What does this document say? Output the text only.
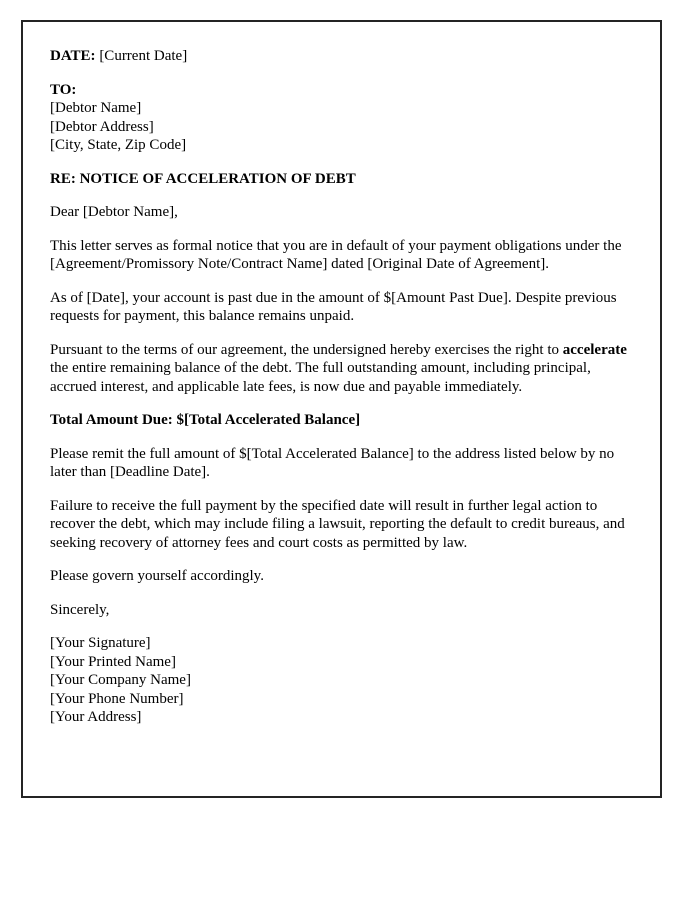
DATE: [Current Date]

TO:
[Debtor Name]
[Debtor Address]
[City, State, Zip Code]

RE: NOTICE OF ACCELERATION OF DEBT

Dear [Debtor Name],

This letter serves as formal notice that you are in default of your payment obligations under the [Agreement/Promissory Note/Contract Name] dated [Original Date of Agreement].

As of [Date], your account is past due in the amount of $[Amount Past Due]. Despite previous requests for payment, this balance remains unpaid.

Pursuant to the terms of our agreement, the undersigned hereby exercises the right to accelerate the entire remaining balance of the debt. The full outstanding amount, including principal, accrued interest, and applicable late fees, is now due and payable immediately.

Total Amount Due: $[Total Accelerated Balance]

Please remit the full amount of $[Total Accelerated Balance] to the address listed below by no later than [Deadline Date].

Failure to receive the full payment by the specified date will result in further legal action to recover the debt, which may include filing a lawsuit, reporting the default to credit bureaus, and seeking recovery of attorney fees and court costs as permitted by law.

Please govern yourself accordingly.

Sincerely,

[Your Signature]
[Your Printed Name]
[Your Company Name]
[Your Phone Number]
[Your Address]
